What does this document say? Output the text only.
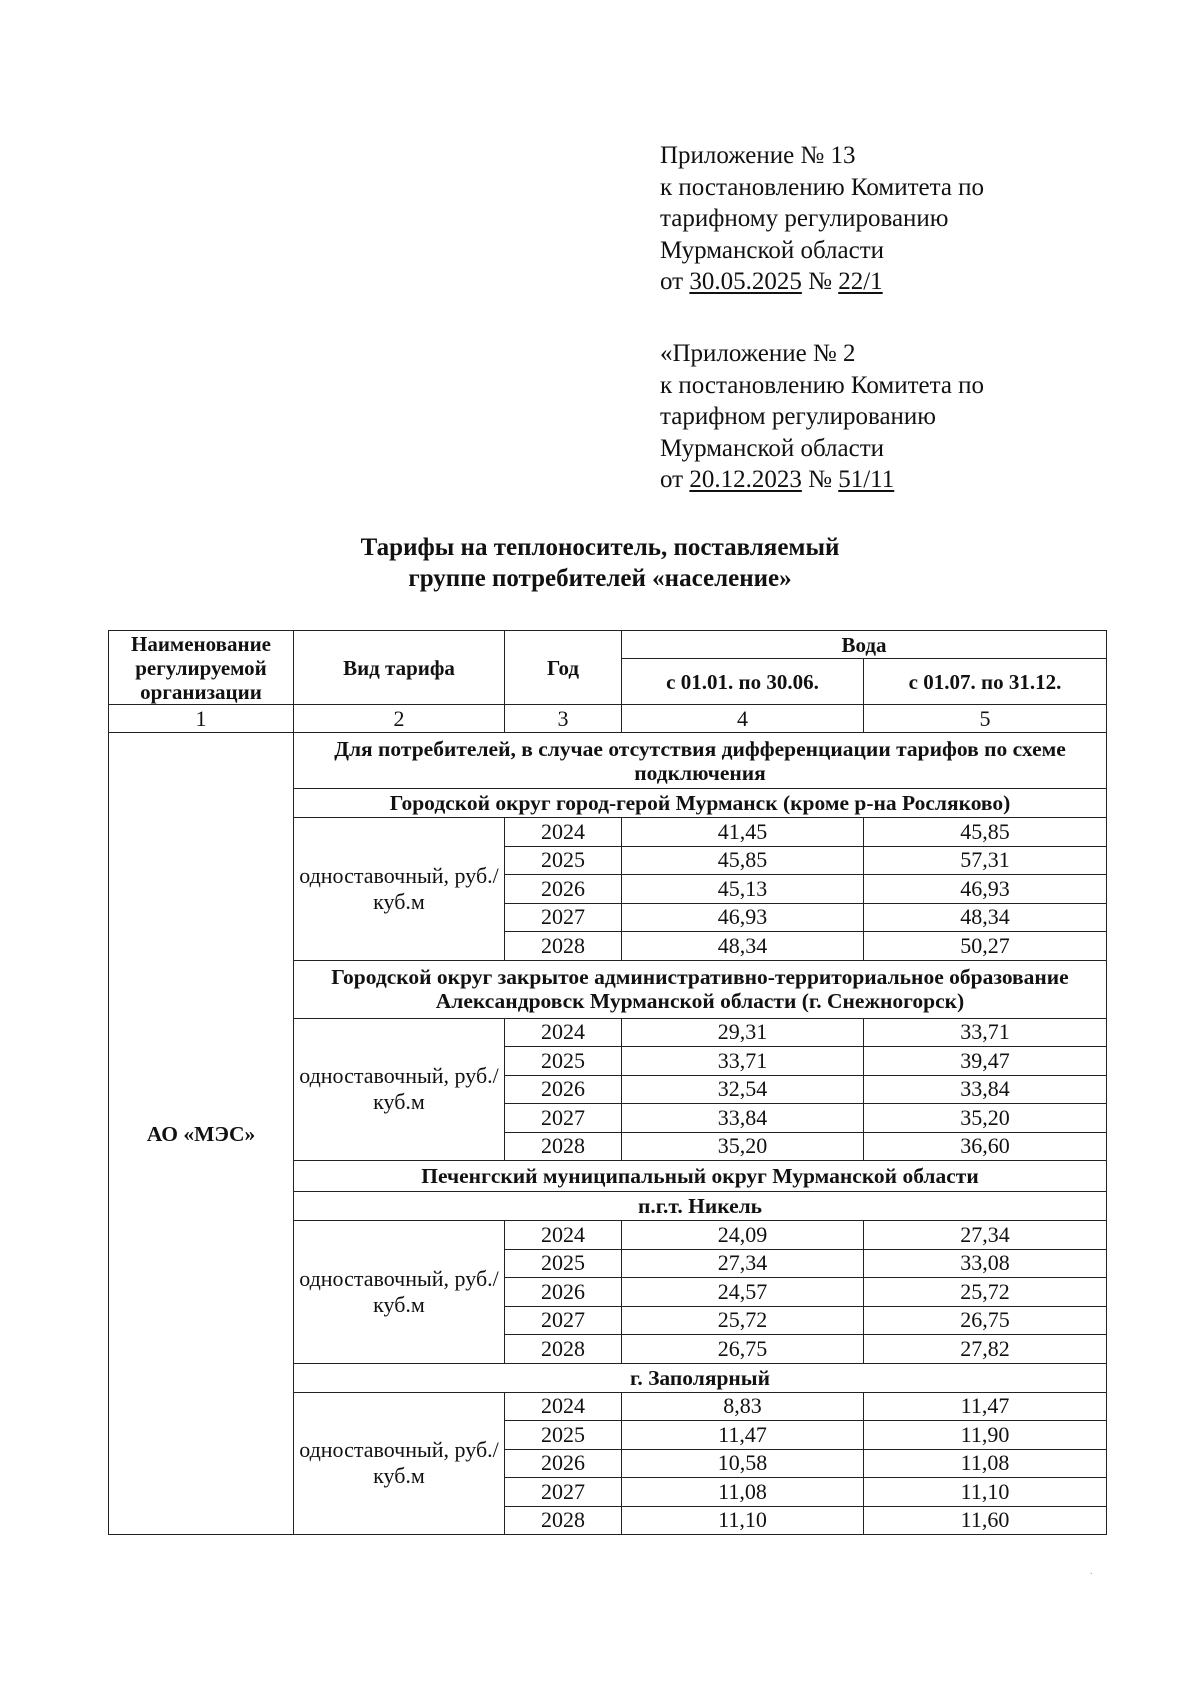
Приложение № 13
к постановлению Комитета по
тарифному регулированию
Мурманской области
от 30.05.2025 № 22/1
«Приложение № 2
к постановлению Комитета по
тарифном регулированию
Мурманской области
от 20.12.2023 № 51/11
Тарифы на теплоноситель, поставляемый
группе потребителей «население»
Наименование регулируемой организации	Вид тарифа	Год	Вода	
			с 01.01. по 30.06.	с 01.07. по 31.12.
1	2	3	4	5
АО «МЭС»	Для потребителей, в случае отсутствия дифференциации тарифов по схеме подключения			
	Городской округ город-герой Мурманск (кроме р-на Росляково)			
	одноставочный, руб./куб.м	2024	41,45	45,85
		2025	45,85	57,31
		2026	45,13	46,93
		2027	46,93	48,34
		2028	48,34	50,27
	Городской округ закрытое административно-территориальное образование Александровск Мурманской области (г. Снежногорск)			
	одноставочный, руб./куб.м	2024	29,31	33,71
		2025	33,71	39,47
		2026	32,54	33,84
		2027	33,84	35,20
		2028	35,20	36,60
	Печенгский муниципальный округ Мурманской области			
	п.г.т. Никель			
	одноставочный, руб./куб.м	2024	24,09	27,34
		2025	27,34	33,08
		2026	24,57	25,72
		2027	25,72	26,75
		2028	26,75	27,82
	г. Заполярный			
	одноставочный, руб./куб.м	2024	8,83	11,47
		2025	11,47	11,90
		2026	10,58	11,08
		2027	11,08	11,10
		2028	11,10	11,60
.
